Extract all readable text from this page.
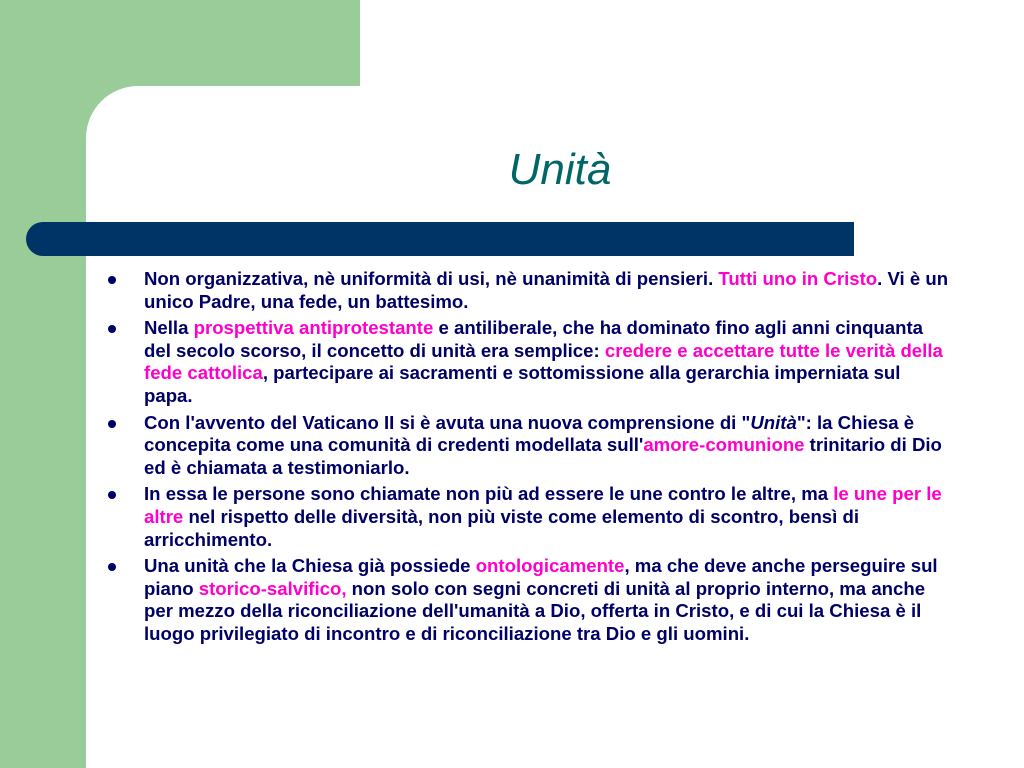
Unità
Non organizzativa, nè uniformità di usi, nè unanimità di pensieri. Tutti uno in Cristo. Vi è un unico Padre, una fede, un battesimo.
Nella prospettiva antiprotestante e antiliberale, che ha dominato fino agli anni cinquanta del secolo scorso, il concetto di unità era semplice: credere e accettare tutte le verità della fede cattolica, partecipare ai sacramenti e sottomissione alla gerarchia imperniata sul papa.
Con l'avvento del Vaticano II si è avuta una nuova comprensione di "Unità": la Chiesa è concepita come una comunità di credenti modellata sull'amore-comunione trinitario di Dio ed è chiamata a testimoniarlo.
In essa le persone sono chiamate non più ad essere le une contro le altre, ma le une per le altre nel rispetto delle diversità, non più viste come elemento di scontro, bensì di arricchimento.
Una unità che la Chiesa già possiede ontologicamente, ma che deve anche perseguire sul piano storico-salvifico, non solo con segni concreti di unità al proprio interno, ma anche per mezzo della riconciliazione dell'umanità a Dio, offerta in Cristo, e di cui la Chiesa è il luogo privilegiato di incontro e di riconciliazione tra Dio e gli uomini.
